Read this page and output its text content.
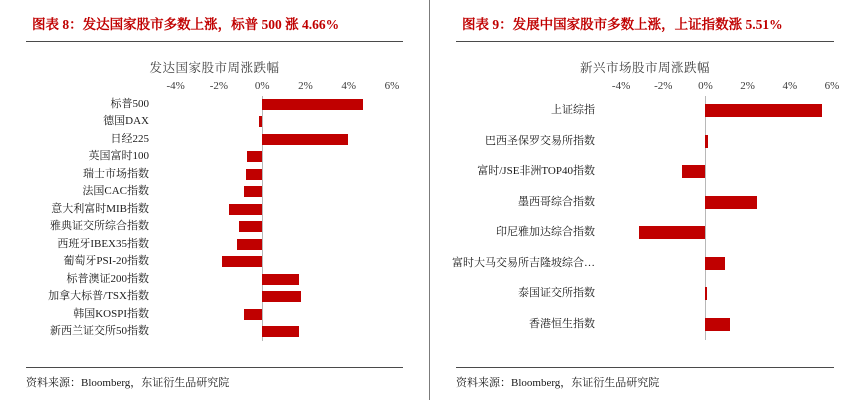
图表 8：发达国家股市多数上涨，标普 500 涨 4.66%
发达国家股市周涨跌幅
-4% -2% 0%	2%	4%	6%
标普500
德国DAX
日经225
英国富时100
瑞士市场指数
法国CAC指数
意大利富时MIB指数
雅典证交所综合指数
西班牙IBEX35指数
葡萄牙PSI-20指数
标普澳证200指数
加拿大标普/TSX指数
韩国KOSPI指数
新西兰证交所50指数
资料来源：Bloomberg，东证衍生品研究院
图表 9：发展中国家股市多数上涨，上证指数涨 5.51%
新兴市场股市周涨跌幅
-4% -2% 0%	2%	4%	6%
上证综指
巴西圣保罗交易所指数
富时/JSE非洲TOP40指数
墨西哥综合指数
印尼雅加达综合指数
富时大马交易所吉隆坡综合…
泰国证交所指数
香港恒生指数
资料来源：Bloomberg，东证衍生品研究院
